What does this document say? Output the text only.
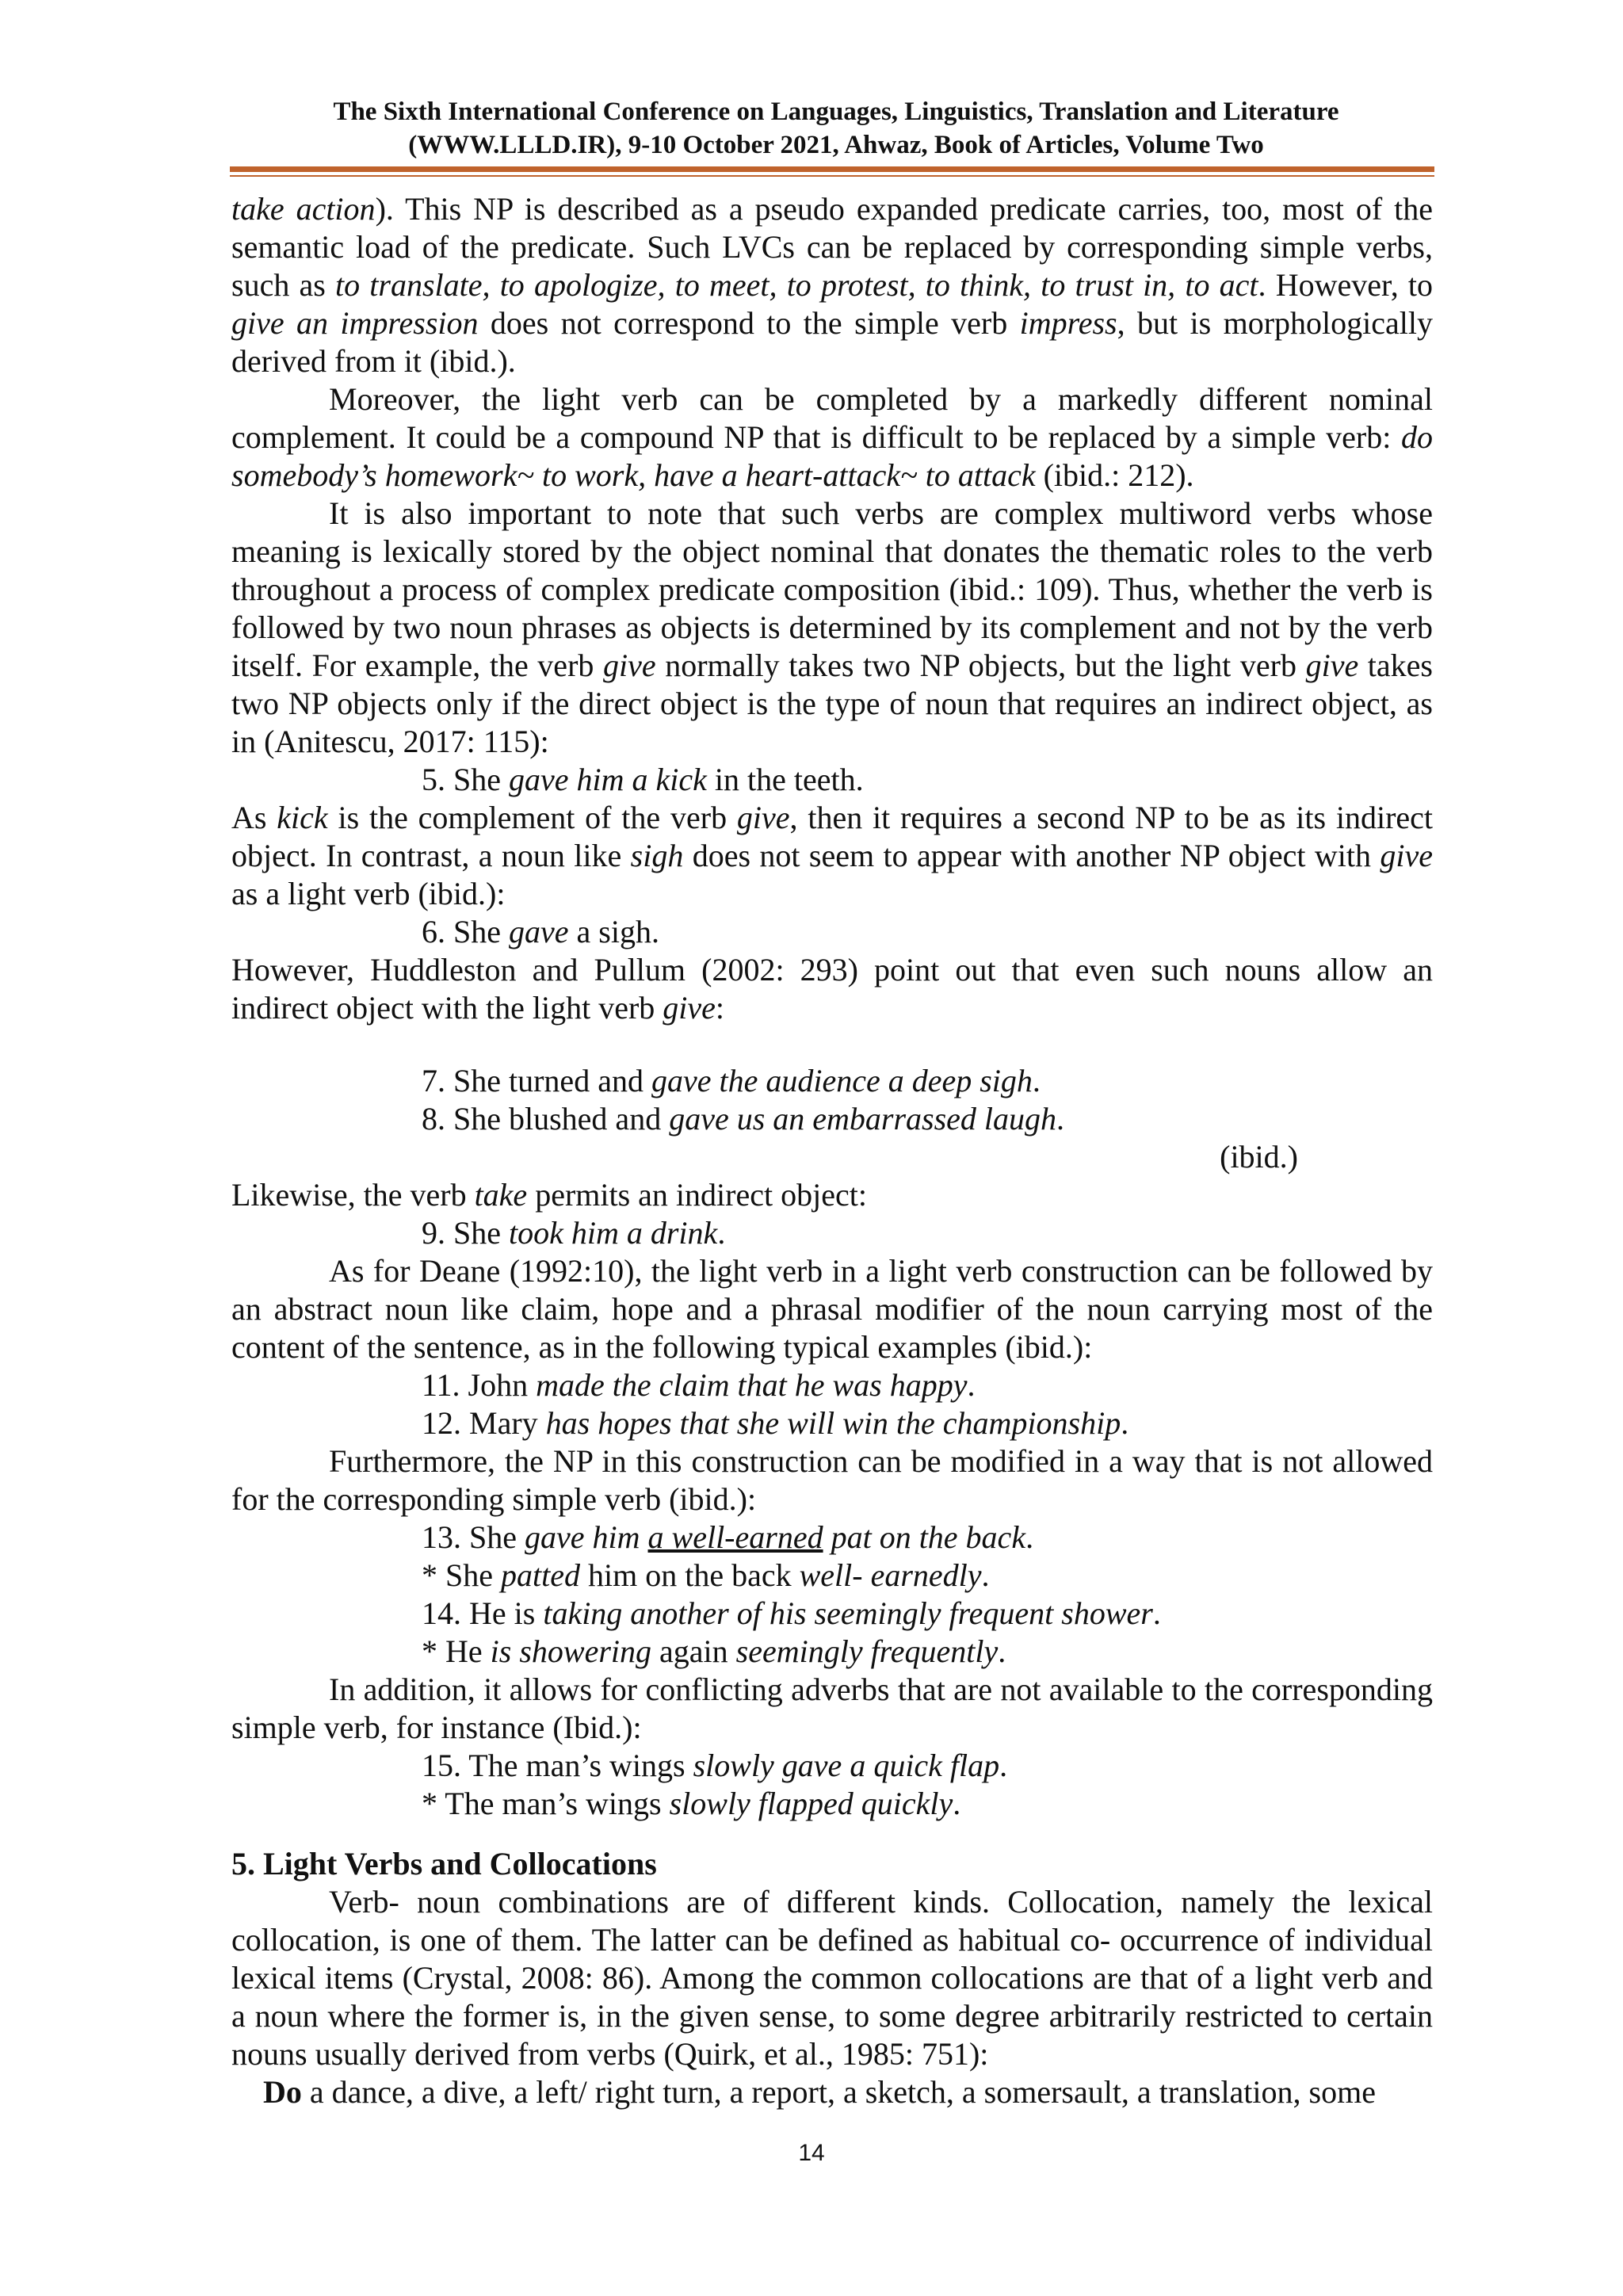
The Sixth International Conference on Languages, Linguistics, Translation and Literature
(WWW.LLLD.IR), 9-10 October 2021, Ahwaz, Book of Articles, Volume Two

take action). This NP is described as a pseudo expanded predicate carries, too, most of the semantic load of the predicate. Such LVCs can be replaced by corresponding simple verbs, such as to translate, to apologize, to meet, to protest, to think, to trust in, to act. However, to give an impression does not correspond to the simple verb impress, but is morphologically derived from it (ibid.).

Moreover, the light verb can be completed by a markedly different nominal complement. It could be a compound NP that is difficult to be replaced by a simple verb: do somebody’s homework~ to work, have a heart-attack~ to attack (ibid.: 212).

It is also important to note that such verbs are complex multiword verbs whose meaning is lexically stored by the object nominal that donates the thematic roles to the verb throughout a process of complex predicate composition (ibid.: 109). Thus, whether the verb is followed by two noun phrases as objects is determined by its complement and not by the verb itself. For example, the verb give normally takes two NP objects, but the light verb give takes two NP objects only if the direct object is the type of noun that requires an indirect object, as in (Anitescu, 2017: 115):

5. She gave him a kick in the teeth.

As kick is the complement of the verb give, then it requires a second NP to be as its indirect object. In contrast, a noun like sigh does not seem to appear with another NP object with give as a light verb (ibid.):

6. She gave a sigh.

However, Huddleston and Pullum (2002: 293) point out that even such nouns allow an indirect object with the light verb give:

7. She turned and gave the audience a deep sigh.

8. She blushed and gave us an embarrassed laugh.

(ibid.)

Likewise, the verb take permits an indirect object:

9. She took him a drink.

As for Deane (1992:10), the light verb in a light verb construction can be followed by an abstract noun like claim, hope and a phrasal modifier of the noun carrying most of the content of the sentence, as in the following typical examples (ibid.):

11. John made the claim that he was happy.

12. Mary has hopes that she will win the championship.

Furthermore, the NP in this construction can be modified in a way that is not allowed for the corresponding simple verb (ibid.):

13. She gave him a well-earned pat on the back.

* She patted him on the back well- earnedly.

14. He is taking another of his seemingly frequent shower.

* He is showering again seemingly frequently.

In addition, it allows for conflicting adverbs that are not available to the corresponding simple verb, for instance (Ibid.):

15. The man’s wings slowly gave a quick flap.

* The man’s wings slowly flapped quickly.

5. Light Verbs and Collocations

Verb- noun combinations are of different kinds. Collocation, namely the lexical collocation, is one of them. The latter can be defined as habitual co- occurrence of individual lexical items (Crystal, 2008: 86). Among the common collocations are that of a light verb and a noun where the former is, in the given sense, to some degree arbitrarily restricted to certain nouns usually derived from verbs (Quirk, et al., 1985: 751):

Do a dance, a dive, a left/ right turn, a report, a sketch, a somersault, a translation, some

14
